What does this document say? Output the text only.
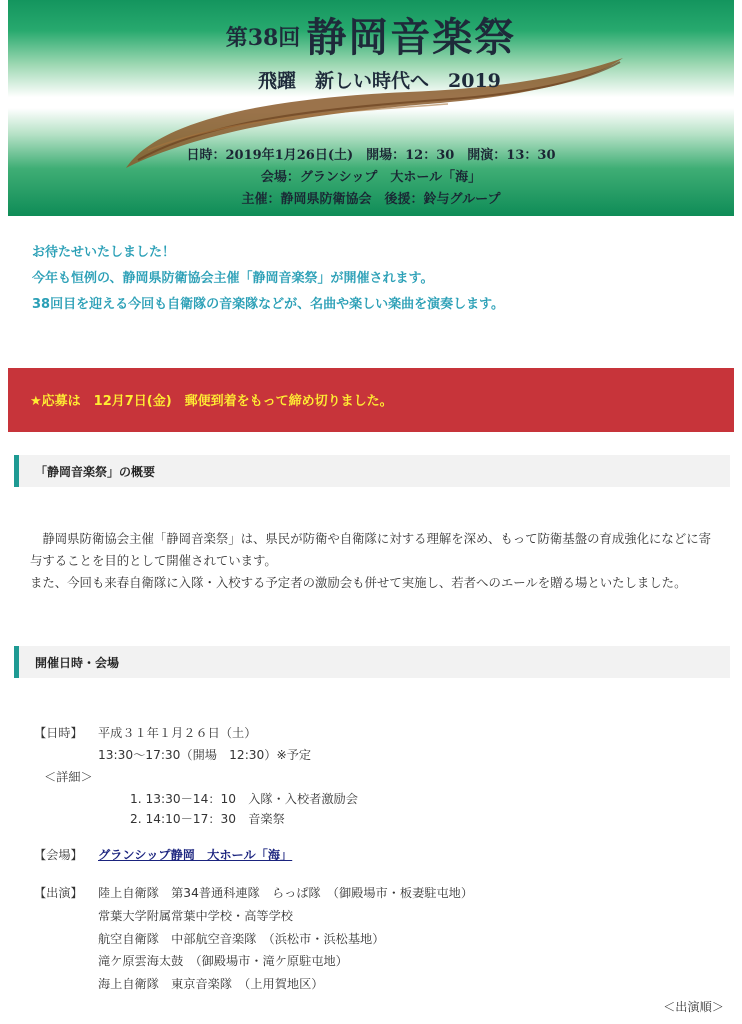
第38回 静岡音楽祭
飛躍　新しい時代へ　2019
日時：2019年1月26日(土)　開場：12：30　開演：13：30
会場：グランシップ　大ホール「海」
主催：静岡県防衛協会　後援：鈴与グループ
お待たせいたしました！
今年も恒例の、静岡県防衛協会主催「静岡音楽祭」が開催されます。
38回目を迎える今回も自衛隊の音楽隊などが、名曲や楽しい楽曲を演奏します。
★応募は　12月7日(金)　郵便到着をもって締め切りました。
「静岡音楽祭」の概要

静岡県防衛協会主催「静岡音楽祭」は、県民が防衛や自衛隊に対する理解を深め、もって防衛基盤の育成強化になどに寄与することを目的として開催されています。

また、今回も来春自衛隊に入隊・入校する予定者の激励会も併せて実施し、若者へのエールを贈る場といたしました。

開催日時・会場
【日時】 平成３１年１月２６日（土）
13:30～17:30（開場　12:30）※予定
＜詳細＞
1. 13:30－14：10　入隊・入校者激励会
2. 14:10－17：30　音楽祭
【会場】 グランシップ静岡　大ホール「海」
【出演】 陸上自衛隊　第34普通科連隊　らっぱ隊　（御殿場市・板妻駐屯地）
常葉大学附属常葉中学校・高等学校
航空自衛隊　中部航空音楽隊　（浜松市・浜松基地）
滝ケ原雲海太鼓　（御殿場市・滝ケ原駐屯地）
海上自衛隊　東京音楽隊　（上用賀地区）
＜出演順＞
